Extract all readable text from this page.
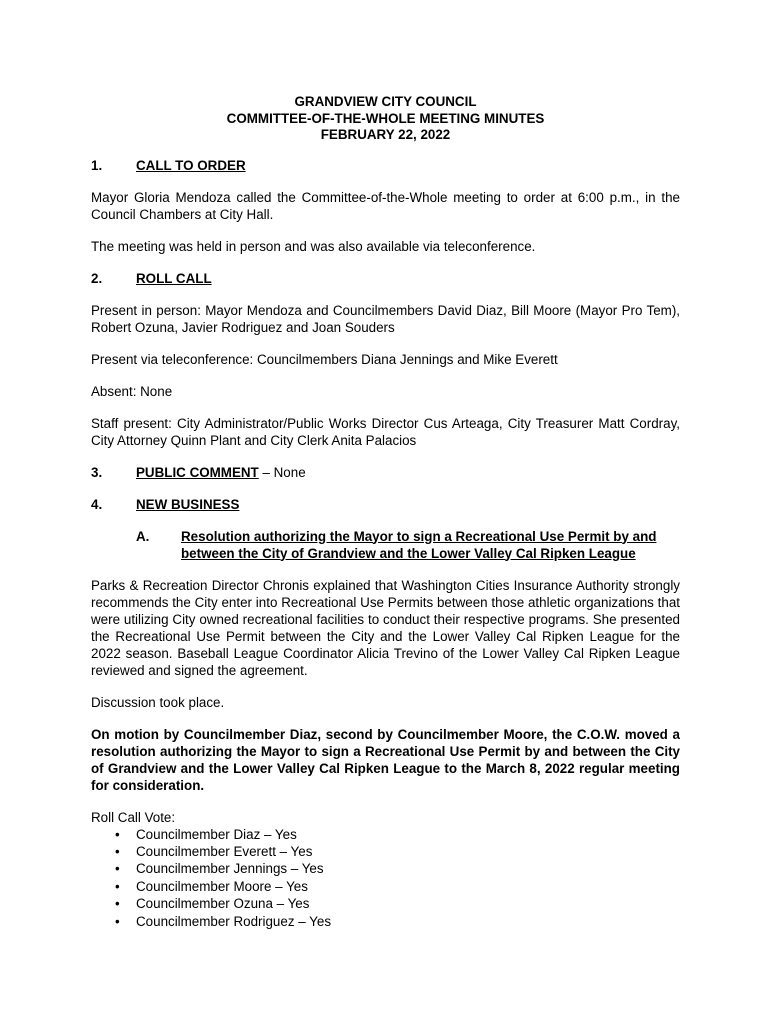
GRANDVIEW CITY COUNCIL
COMMITTEE-OF-THE-WHOLE MEETING MINUTES
FEBRUARY 22, 2022
1.	CALL TO ORDER

Mayor Gloria Mendoza called the Committee-of-the-Whole meeting to order at 6:00 p.m., in the Council Chambers at City Hall.

The meeting was held in person and was also available via teleconference.

2.	ROLL CALL

Present in person: Mayor Mendoza and Councilmembers David Diaz, Bill Moore (Mayor Pro Tem), Robert Ozuna, Javier Rodriguez and Joan Souders

Present via teleconference: Councilmembers Diana Jennings and Mike Everett

Absent: None

Staff present: City Administrator/Public Works Director Cus Arteaga, City Treasurer Matt Cordray, City Attorney Quinn Plant and City Clerk Anita Palacios

3.	PUBLIC COMMENT – None
4.	NEW BUSINESS
A.	Resolution authorizing the Mayor to sign a Recreational Use Permit by and between the City of Grandview and the Lower Valley Cal Ripken League

Parks & Recreation Director Chronis explained that Washington Cities Insurance Authority strongly recommends the City enter into Recreational Use Permits between those athletic organizations that were utilizing City owned recreational facilities to conduct their respective programs. She presented the Recreational Use Permit between the City and the Lower Valley Cal Ripken League for the 2022 season. Baseball League Coordinator Alicia Trevino of the Lower Valley Cal Ripken League reviewed and signed the agreement.

Discussion took place.

On motion by Councilmember Diaz, second by Councilmember Moore, the C.O.W. moved a resolution authorizing the Mayor to sign a Recreational Use Permit by and between the City of Grandview and the Lower Valley Cal Ripken League to the March 8, 2022 regular meeting for consideration.

Roll Call Vote:
• Councilmember Diaz – Yes
• Councilmember Everett – Yes
• Councilmember Jennings – Yes
• Councilmember Moore – Yes
• Councilmember Ozuna – Yes
• Councilmember Rodriguez – Yes
